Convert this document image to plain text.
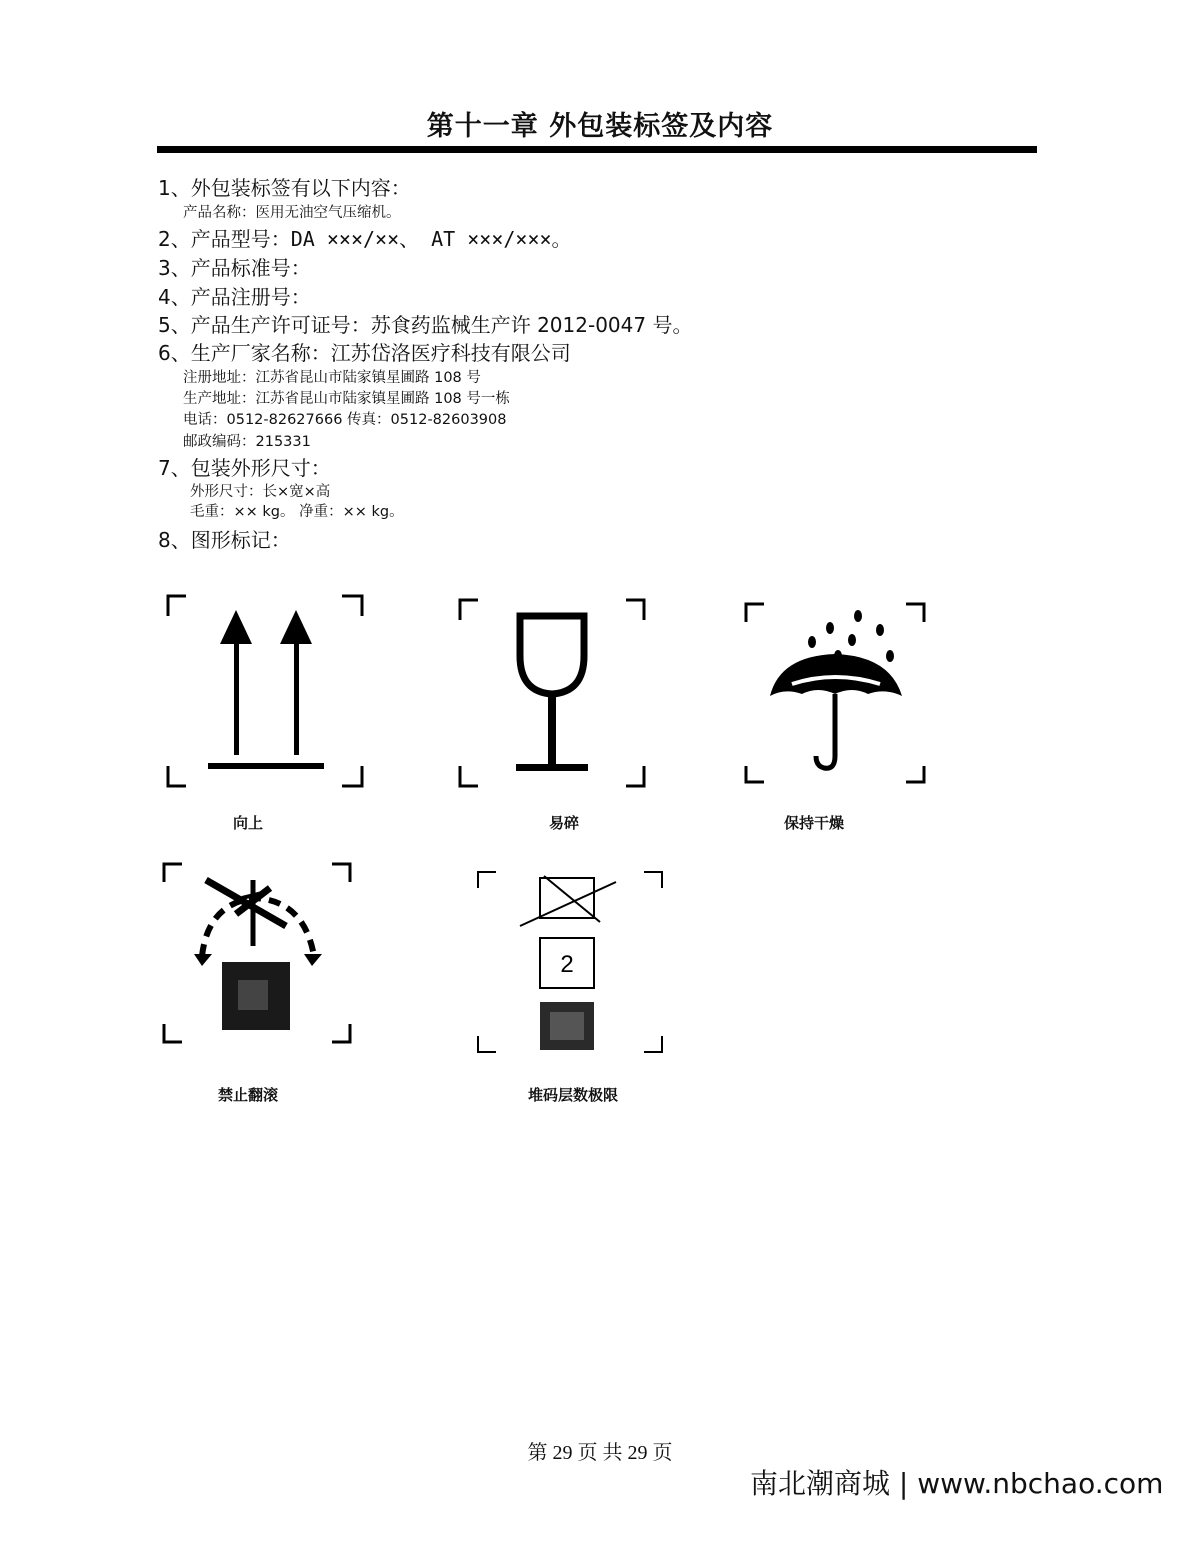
第十一章 外包装标签及内容
1、外包装标签有以下内容：
产品名称：医用无油空气压缩机。
2、产品型号：DA ×××/××、 AT ×××/×××。
3、产品标准号：
4、产品注册号：
5、产品生产许可证号：苏食药监械生产许 2012-0047 号。
6、生产厂家名称：江苏岱洛医疗科技有限公司
注册地址：江苏省昆山市陆家镇星圃路 108 号
生产地址：江苏省昆山市陆家镇星圃路 108 号一栋
电话：0512-82627666 传真：0512-82603908
邮政编码：215331
7、包装外形尺寸：
外形尺寸：长×宽×高
毛重：×× kg。 净重：×× kg。
8、图形标记：
向上	易碎	保持干燥
禁止翻滚
2
堆码层数极限
第 29 页 共 29 页
南北潮商城 | www.nbchao.com
